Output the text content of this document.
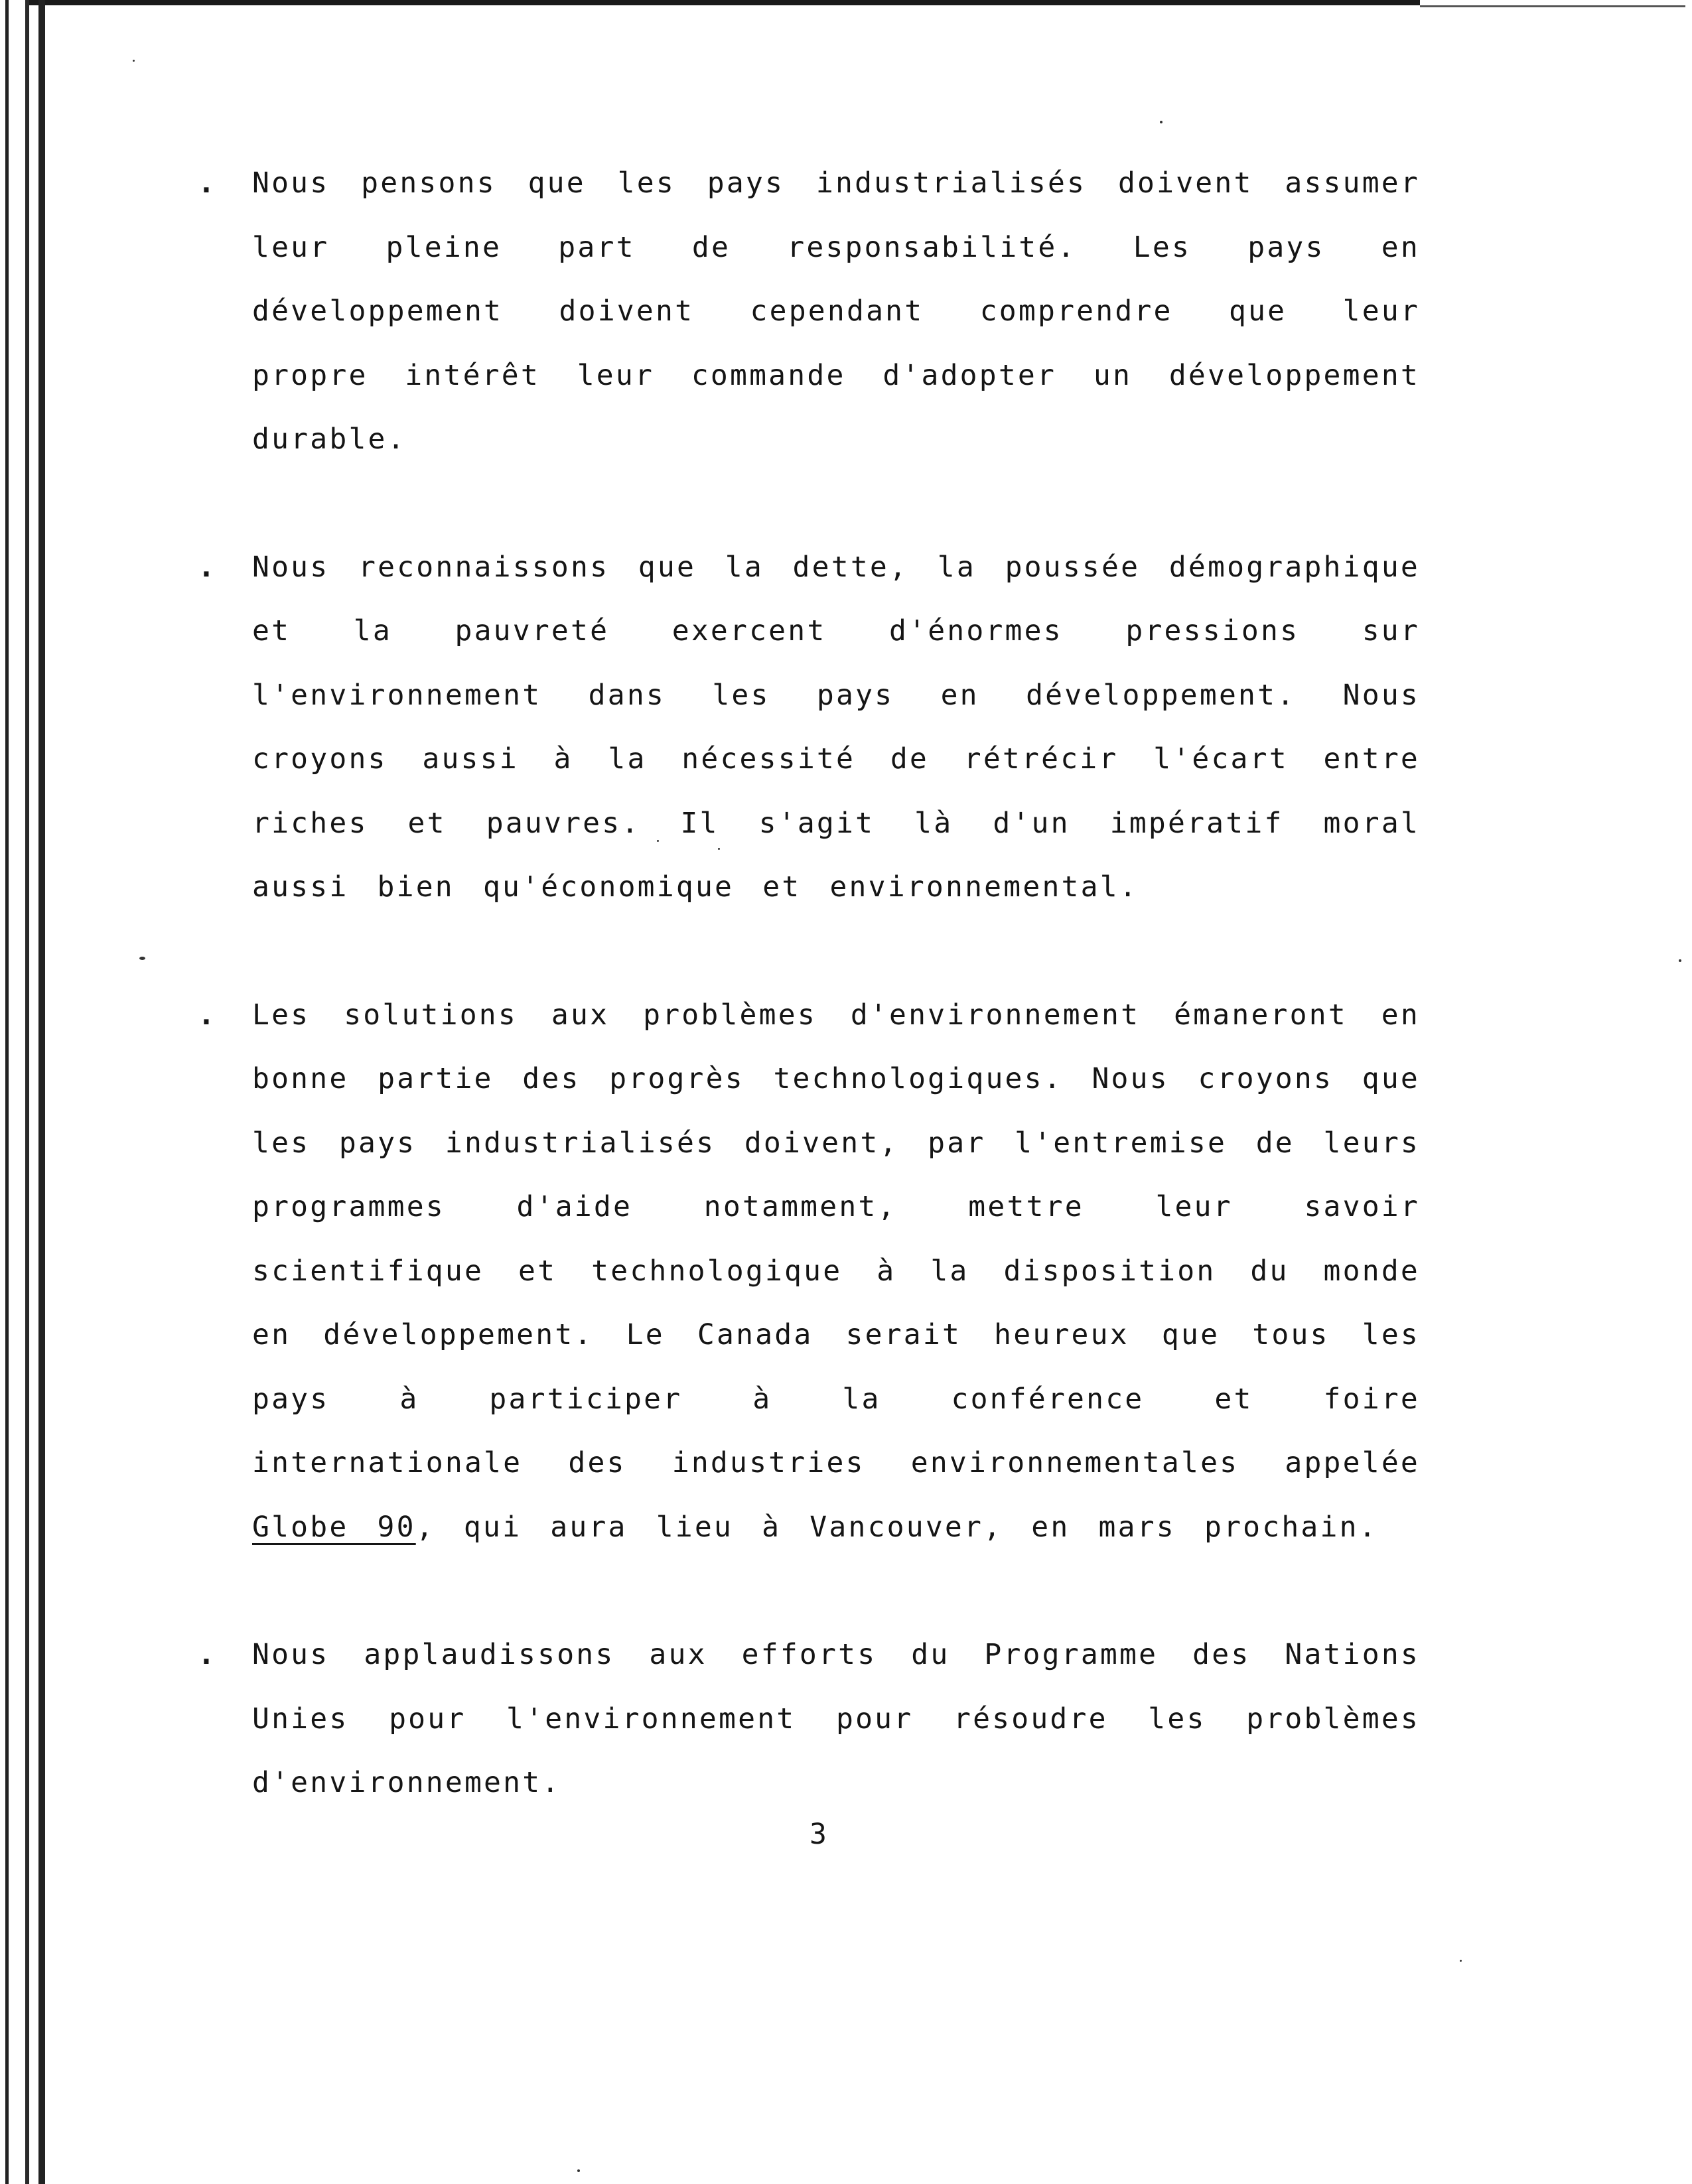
. Nous pensons que les pays industrialisés doivent assumer leur pleine part de responsabilité. Les pays en développement doivent cependant comprendre que leur propre intérêt leur commande d'adopter un développement durable.
. Nous reconnaissons que la dette, la poussée démographique et la pauvreté exercent d'énormes pressions sur l'environnement dans les pays en développement. Nous croyons aussi à la nécessité de rétrécir l'écart entre riches et pauvres. Il s'agit là d'un impératif moral aussi bien qu'économique et environnemental.
. Les solutions aux problèmes d'environnement émaneront en bonne partie des progrès technologiques. Nous croyons que les pays industrialisés doivent, par l'entremise de leurs programmes d'aide notamment, mettre leur savoir scientifique et technologique à la disposition du monde en développement. Le Canada serait heureux que tous les pays à participer à la conférence et foire internationale des industries environnementales appelée Globe 90, qui aura lieu à Vancouver, en mars prochain.
. Nous applaudissons aux efforts du Programme des Nations Unies pour l'environnement pour résoudre les problèmes d'environnement.
3
